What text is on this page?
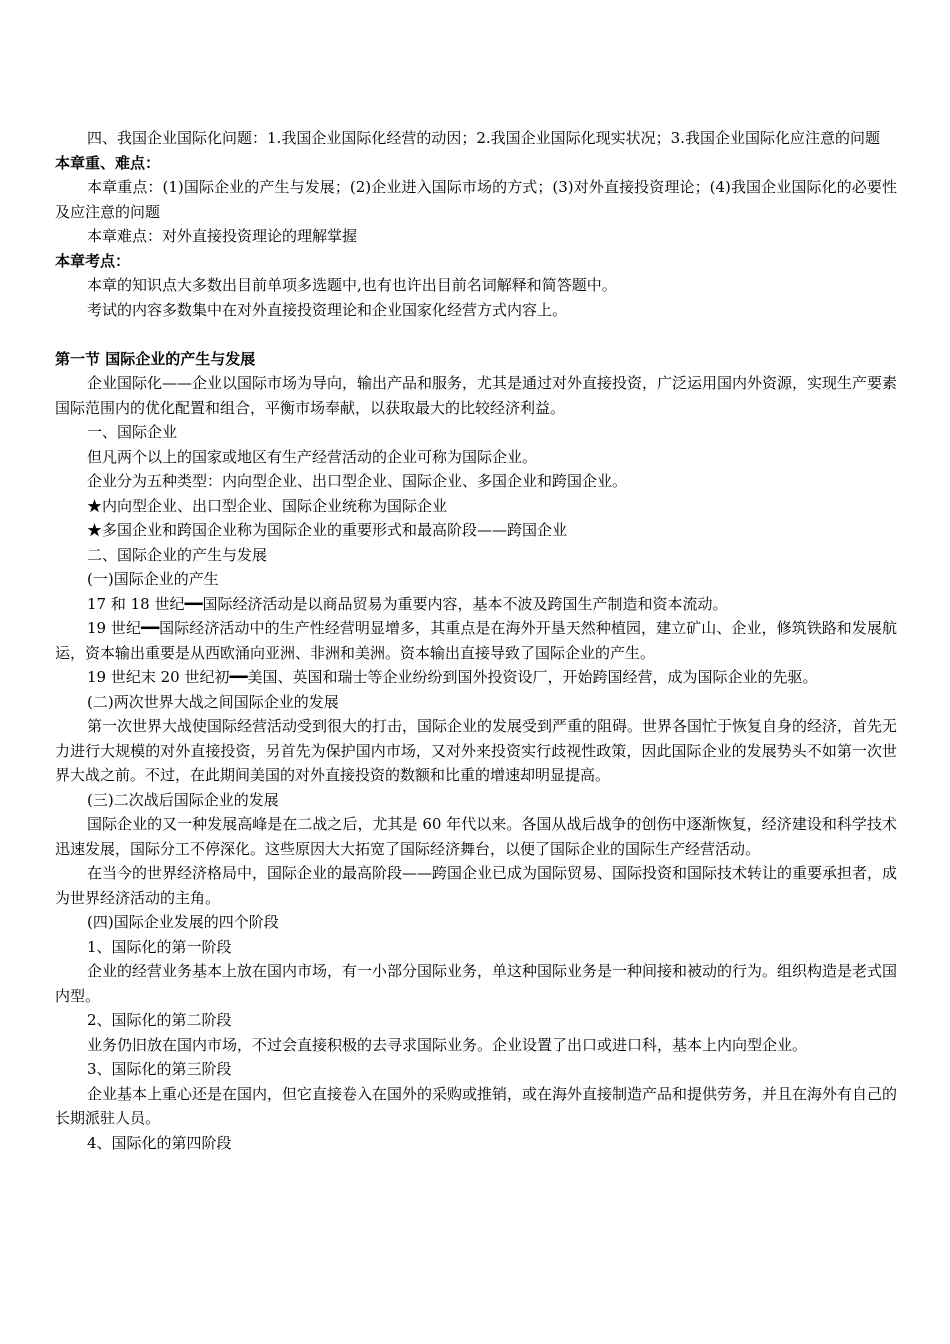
四、我国企业国际化问题：1.我国企业国际化经营的动因；2.我国企业国际化现实状况；3.我国企业国际化应注意的问题

本章重、难点：

本章重点：(1)国际企业的产生与发展；(2)企业进入国际市场的方式；(3)对外直接投资理论；(4)我国企业国际化的必要性及应注意的问题

本章难点：对外直接投资理论的理解掌握

本章考点：

本章的知识点大多数出目前单项多选题中,也有也许出目前名词解释和简答题中。

考试的内容多数集中在对外直接投资理论和企业国家化经营方式内容上。

第一节 国际企业的产生与发展

企业国际化——企业以国际市场为导向，输出产品和服务，尤其是通过对外直接投资，广泛运用国内外资源，实现生产要素国际范围内的优化配置和组合，平衡市场奉献，以获取最大的比较经济利益。

一、国际企业

但凡两个以上的国家或地区有生产经营活动的企业可称为国际企业。

企业分为五种类型：内向型企业、出口型企业、国际企业、多国企业和跨国企业。

★内向型企业、出口型企业、国际企业统称为国际企业

★多国企业和跨国企业称为国际企业的重要形式和最高阶段——跨国企业

二、国际企业的产生与发展

(一)国际企业的产生

17 和 18 世纪━━国际经济活动是以商品贸易为重要内容，基本不波及跨国生产制造和资本流动。

19 世纪━━国际经济活动中的生产性经营明显增多，其重点是在海外开垦天然种植园，建立矿山、企业，修筑铁路和发展航运，资本输出重要是从西欧涌向亚洲、非洲和美洲。资本输出直接导致了国际企业的产生。

19 世纪末 20 世纪初━━美国、英国和瑞士等企业纷纷到国外投资设厂，开始跨国经营，成为国际企业的先驱。

(二)两次世界大战之间国际企业的发展

第一次世界大战使国际经营活动受到很大的打击，国际企业的发展受到严重的阻碍。世界各国忙于恢复自身的经济，首先无力进行大规模的对外直接投资，另首先为保护国内市场，又对外来投资实行歧视性政策，因此国际企业的发展势头不如第一次世界大战之前。不过，在此期间美国的对外直接投资的数额和比重的增速却明显提高。

(三)二次战后国际企业的发展

国际企业的又一种发展高峰是在二战之后，尤其是 60 年代以来。各国从战后战争的创伤中逐渐恢复，经济建设和科学技术迅速发展，国际分工不停深化。这些原因大大拓宽了国际经济舞台，以便了国际企业的国际生产经营活动。

在当今的世界经济格局中，国际企业的最高阶段——跨国企业已成为国际贸易、国际投资和国际技术转让的重要承担者，成为世界经济活动的主角。

(四)国际企业发展的四个阶段

1、国际化的第一阶段

企业的经营业务基本上放在国内市场，有一小部分国际业务，单这种国际业务是一种间接和被动的行为。组织构造是老式国内型。

2、国际化的第二阶段

业务仍旧放在国内市场，不过会直接积极的去寻求国际业务。企业设置了出口或进口科，基本上内向型企业。

3、国际化的第三阶段

企业基本上重心还是在国内，但它直接卷入在国外的采购或推销，或在海外直接制造产品和提供劳务，并且在海外有自己的长期派驻人员。

4、国际化的第四阶段
